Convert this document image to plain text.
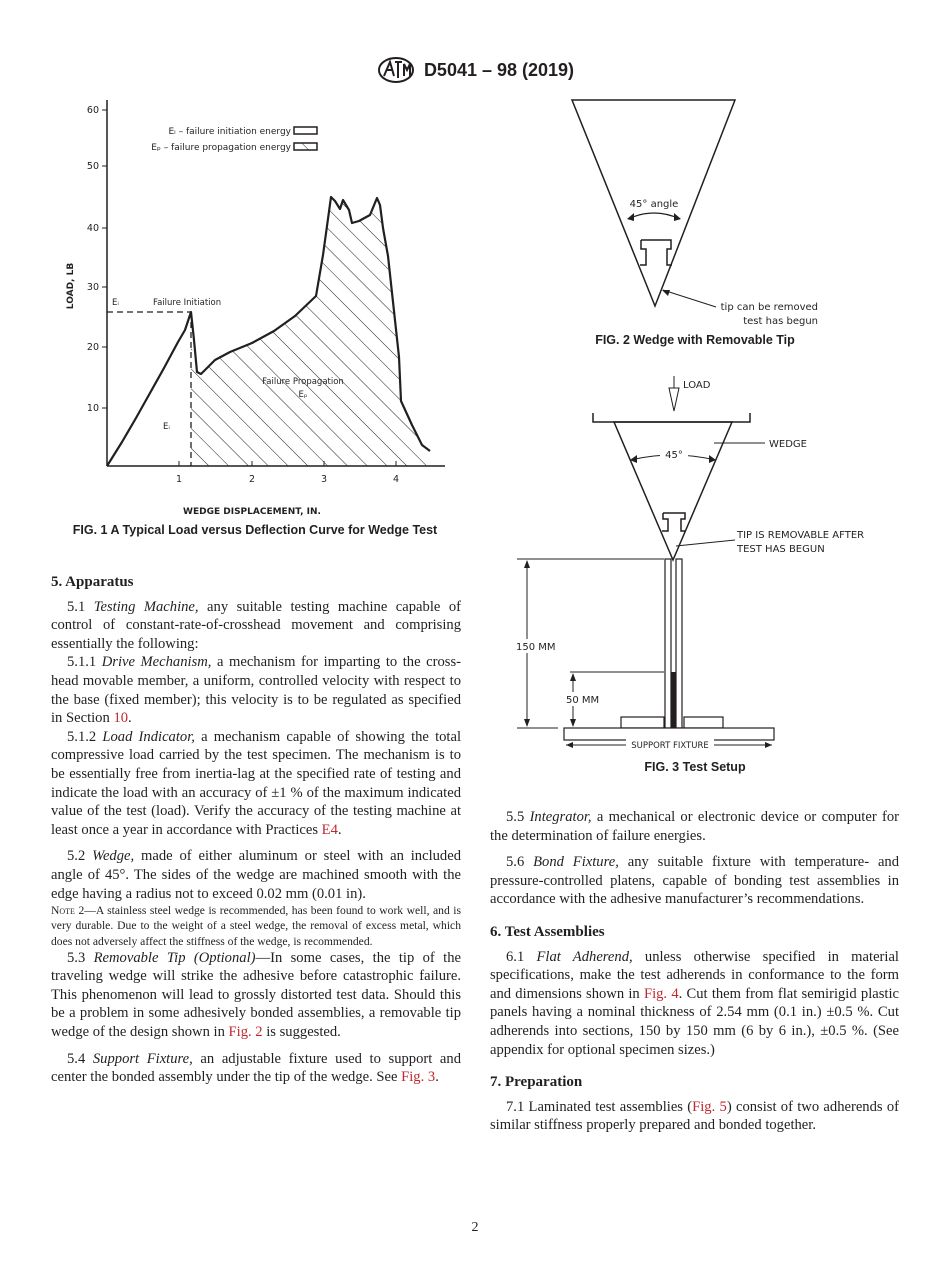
D5041 – 98 (2019)
10
20
30
40
50
60
1	2	3	4
WEDGE DISPLACEMENT, IN.
LOAD, LB
Eᵢ – failure initiation energy
Eₚ – failure propagation energy
Eᵢ	Failure Initiation
Failure Propagation
Eₚ
Eᵢ
FIG. 1 A Typical Load versus Deflection Curve for Wedge Test
45° angle
tip can be removed
test has begun
FIG. 2 Wedge with Removable Tip
LOAD
45°
WEDGE
TIP IS REMOVABLE AFTER
TEST HAS BEGUN
SUPPORT FIXTURE
150 MM
50 MM
FIG. 3 Test Setup
5. Apparatus

5.1 Testing Machine, any suitable testing machine capable of control of constant-rate-of-crosshead movement and comprising essentially the following:

5.1.1 Drive Mechanism, a mechanism for imparting to the cross-head movable member, a uniform, controlled velocity with respect to the base (fixed member); this velocity is to be regulated as specified in Section 10.

5.1.2 Load Indicator, a mechanism capable of showing the total compressive load carried by the test specimen. The mechanism is to be essentially free from inertia-lag at the specified rate of testing and indicate the load with an accuracy of ±1 % of the maximum indicated value of the test (load). Verify the accuracy of the testing machine at least once a year in accordance with Practices E4.

5.2 Wedge, made of either aluminum or steel with an included angle of 45°. The sides of the wedge are machined smooth with the edge having a radius not to exceed 0.02 mm (0.01 in).

Note 2—A stainless steel wedge is recommended, has been found to work well, and is very durable. Due to the weight of a steel wedge, the removal of excess metal, which does not adversely affect the stiffness of the wedge, is recommended.

5.3 Removable Tip (Optional)—In some cases, the tip of the traveling wedge will strike the adhesive before catastrophic failure. This phenomenon will lead to grossly distorted test data. Should this be a problem in some adhesively bonded assemblies, a removable tip wedge of the design shown in Fig. 2 is suggested.

5.4 Support Fixture, an adjustable fixture used to support and center the bonded assembly under the tip of the wedge. See Fig. 3.

5.5 Integrator, a mechanical or electronic device or computer for the determination of failure energies.

5.6 Bond Fixture, any suitable fixture with temperature- and pressure-controlled platens, capable of bonding test assemblies in accordance with the adhesive manufacturer’s recommendations.

6. Test Assemblies

6.1 Flat Adherend, unless otherwise specified in material specifications, make the test adherends in conformance to the form and dimensions shown in Fig. 4. Cut them from flat semirigid plastic panels having a nominal thickness of 2.54 mm (0.1 in.) ±0.5 %. Cut adherends into sections, 150 by 150 mm (6 by 6 in.), ±0.5 %. (See appendix for optional specimen sizes.)

7. Preparation

7.1 Laminated test assemblies (Fig. 5) consist of two adherends of similar stiffness properly prepared and bonded together.

2
